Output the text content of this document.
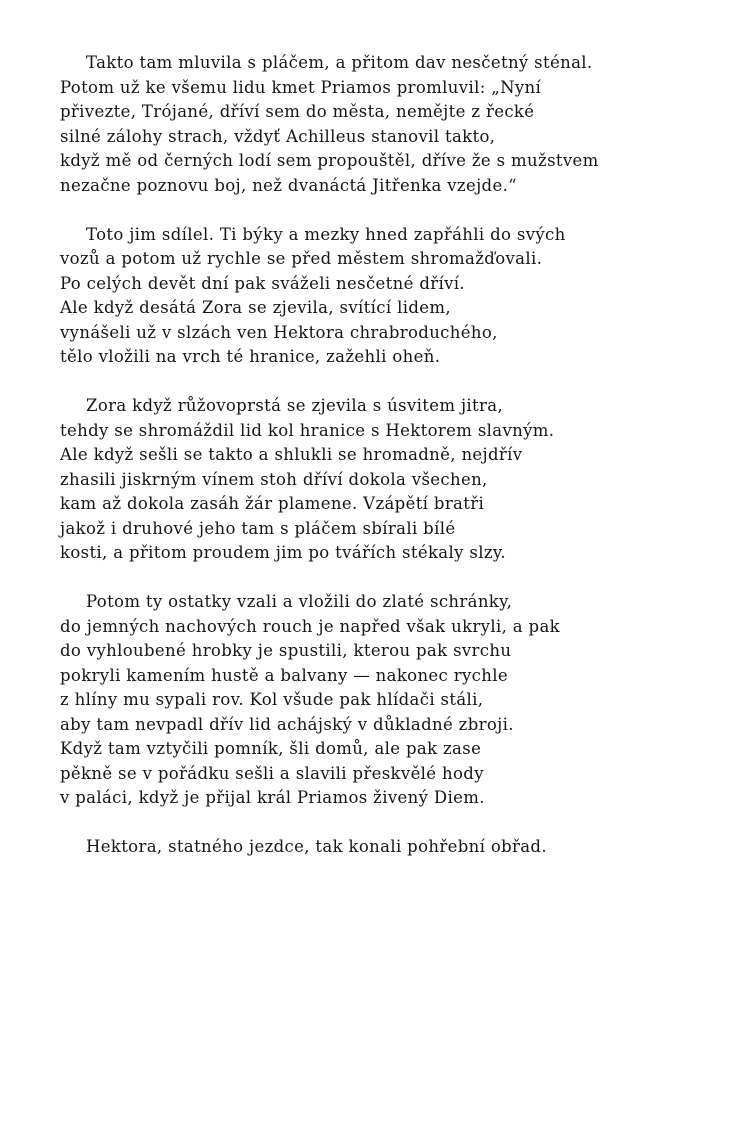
Takto tam mluvila s pláčem, a přitom dav nesčetný sténal.
Potom už ke všemu lidu kmet Priamos promluvil: „Nyní
přivezte, Trójané, dříví sem do města, nemějte z řecké
silné zálohy strach, vždyť Achilleus stanovil takto,
když mě od černých lodí sem propouštěl, dříve že s mužstvem
nezačne poznovu boj, než dvanáctá Jitřenka vzejde.“
Toto jim sdílel. Ti býky a mezky hned zapřáhli do svých
vozů a potom už rychle se před městem shromažďovali.
Po celých devět dní pak sváželi nesčetné dříví.
Ale když desátá Zora se zjevila, svítící lidem,
vynášeli už v slzách ven Hektora chrabroduchého,
tělo vložili na vrch té hranice, zažehli oheň.
Zora když růžovoprstá se zjevila s úsvitem jitra,
tehdy se shromáždil lid kol hranice s Hektorem slavným.
Ale když sešli se takto a shlukli se hromadně, nejdřív
zhasili jiskrným vínem stoh dříví dokola všechen,
kam až dokola zasáh žár plamene. Vzápětí bratři
jakož i druhové jeho tam s pláčem sbírali bílé
kosti, a přitom proudem jim po tvářích stékaly slzy.
Potom ty ostatky vzali a vložili do zlaté schránky,
do jemných nachových rouch je napřed však ukryli, a pak
do vyhloubené hrobky je spustili, kterou pak svrchu
pokryli kamením hustě a balvany — nakonec rychle
z hlíny mu sypali rov. Kol všude pak hlídači stáli,
aby tam nevpadl dřív lid achájský v důkladné zbroji.
Když tam vztyčili pomník, šli domů, ale pak zase
pěkně se v pořádku sešli a slavili přeskvělé hody
v paláci, když je přijal král Priamos živený Diem.
Hektora, statného jezdce, tak konali pohřební obřad.
